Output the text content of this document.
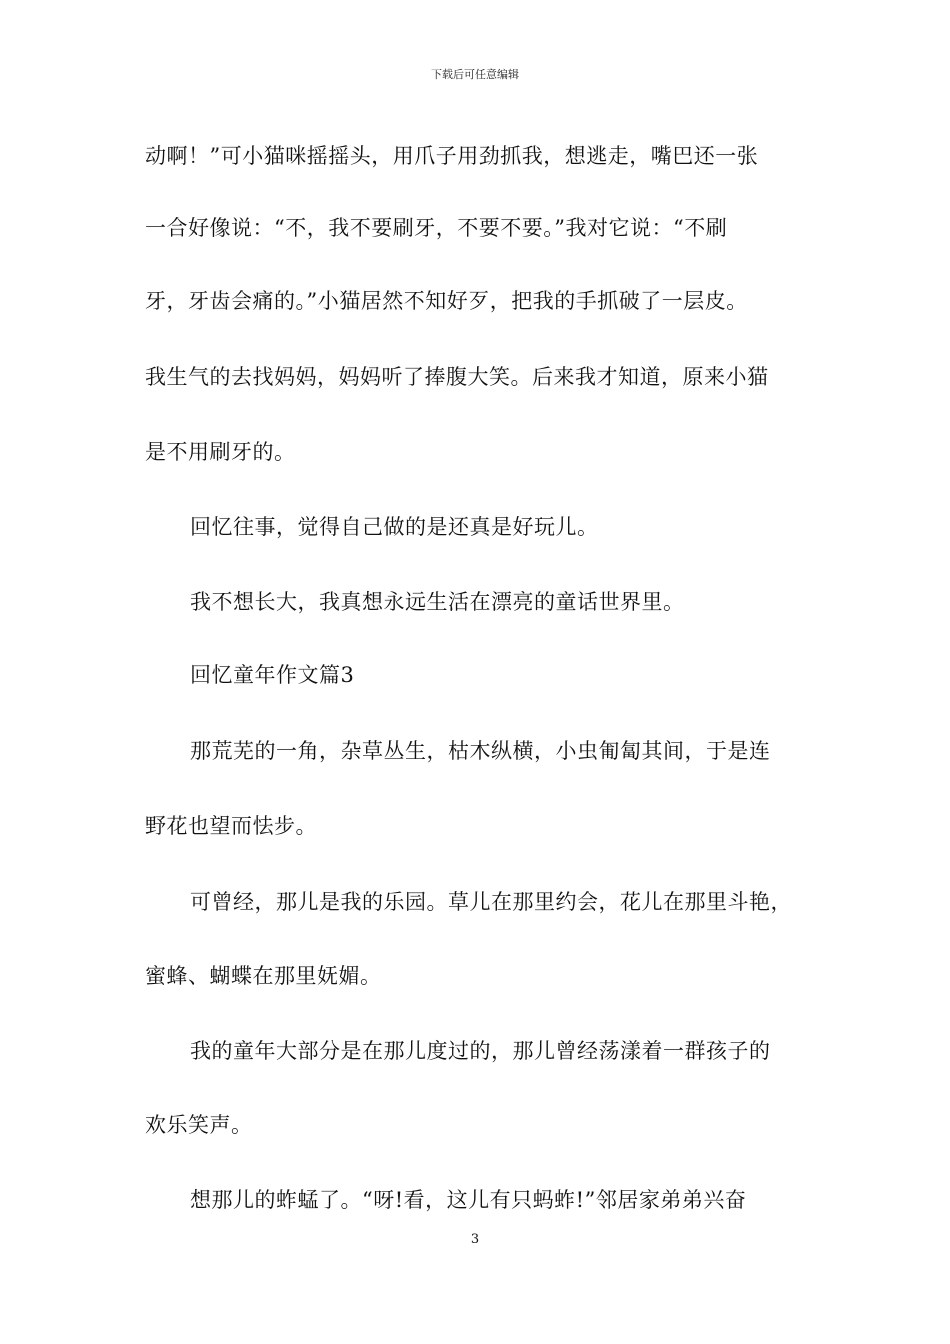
下载后可任意编辑
动啊！”可小猫咪摇摇头，用爪子用劲抓我，想逃走，嘴巴还一张
一合好像说：“不，我不要刷牙，不要不要。”我对它说：“不刷
牙，牙齿会痛的。”小猫居然不知好歹，把我的手抓破了一层皮。
我生气的去找妈妈，妈妈听了捧腹大笑。后来我才知道，原来小猫
是不用刷牙的。
回忆往事，觉得自己做的是还真是好玩儿。
我不想长大，我真想永远生活在漂亮的童话世界里。
回忆童年作文篇3
那荒芜的一角，杂草丛生，枯木纵横，小虫匍匐其间，于是连
野花也望而怯步。
可曾经，那儿是我的乐园。草儿在那里约会，花儿在那里斗艳，
蜜蜂、蝴蝶在那里妩媚。
我的童年大部分是在那儿度过的，那儿曾经荡漾着一群孩子的
欢乐笑声。
想那儿的蚱蜢了。“呀!看，这儿有只蚂蚱!”邻居家弟弟兴奋
3
